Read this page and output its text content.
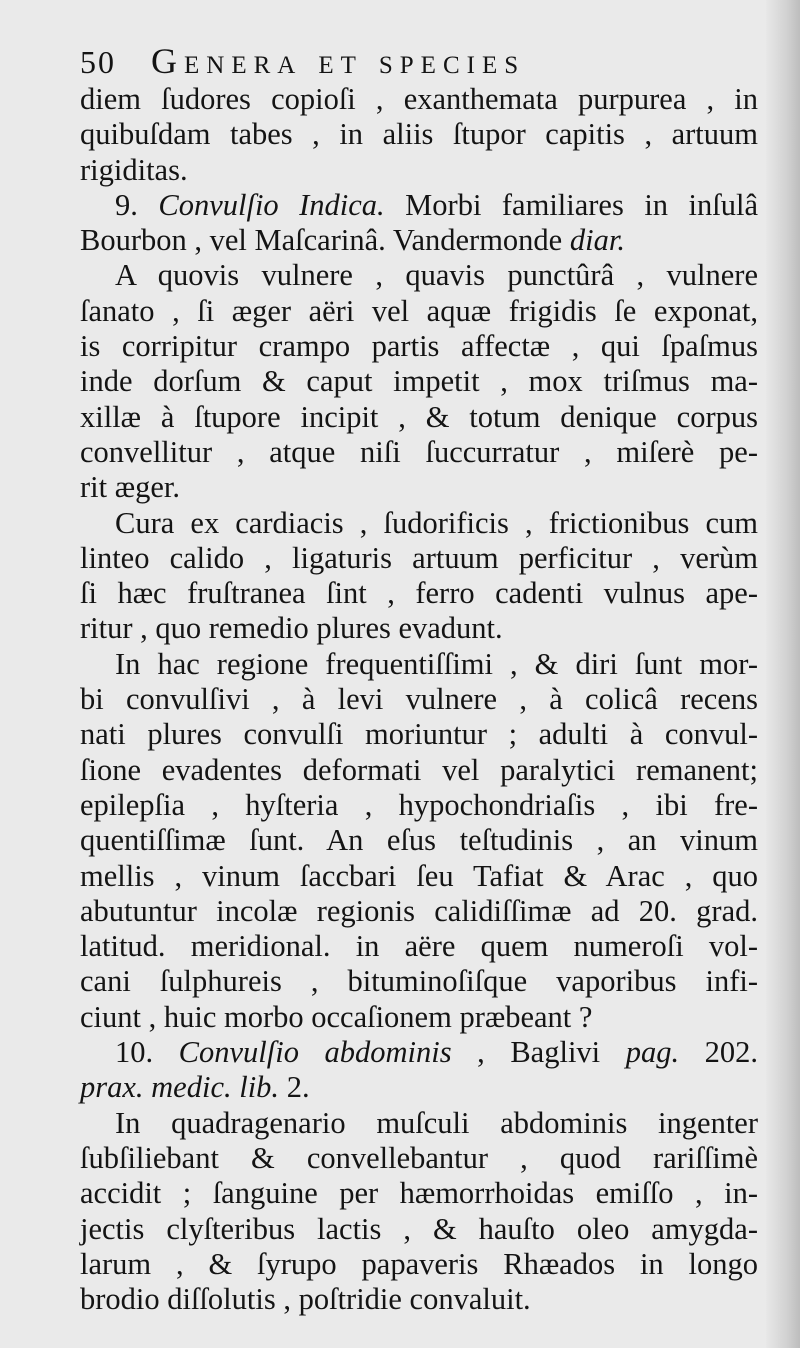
50 Genera et species
diem ſudores copioſi , exanthemata purpurea , in
quibuſdam tabes , in aliis ſtupor capitis , artuum
rigiditas.
9. Convulſio Indica. Morbi familiares in inſulâ
Bourbon , vel Maſcarinâ. Vandermonde diar.
A quovis vulnere , quavis punctûrâ , vulnere
ſanato , ſi æger aëri vel aquæ frigidis ſe exponat,
is corripitur crampo partis affectæ , qui ſpaſmus
inde dorſum & caput impetit , mox triſmus ma-
xillæ à ſtupore incipit , & totum denique corpus
convellitur , atque niſi ſuccurratur , miſerè pe-
rit æger.
Cura ex cardiacis , ſudorificis , frictionibus cum
linteo calido , ligaturis artuum perficitur , verùm
ſi hæc fruſtranea ſint , ferro cadenti vulnus ape-
ritur , quo remedio plures evadunt.
In hac regione frequentiſſimi , & diri ſunt mor-
bi convulſivi , à levi vulnere , à colicâ recens
nati plures convulſi moriuntur ; adulti à convul-
ſione evadentes deformati vel paralytici remanent;
epilepſia , hyſteria , hypochondriaſis , ibi fre-
quentiſſimæ ſunt. An eſus teſtudinis , an vinum
mellis , vinum ſaccbari ſeu Tafiat & Arac , quo
abutuntur incolæ regionis calidiſſimæ ad 20. grad.
latitud. meridional. in aëre quem numeroſi vol-
cani ſulphureis , bituminoſiſque vaporibus infi-
ciunt , huic morbo occaſionem præbeant ?
10. Convulſio abdominis , Baglivi pag. 202.
prax. medic. lib. 2.
In quadragenario muſculi abdominis ingenter
ſubſiliebant & convellebantur , quod rariſſimè
accidit ; ſanguine per hæmorrhoidas emiſſo , in-
jectis clyſteribus lactis , & hauſto oleo amygda-
larum , & ſyrupo papaveris Rhæados in longo
brodio diſſolutis , poſtridie convaluit.
